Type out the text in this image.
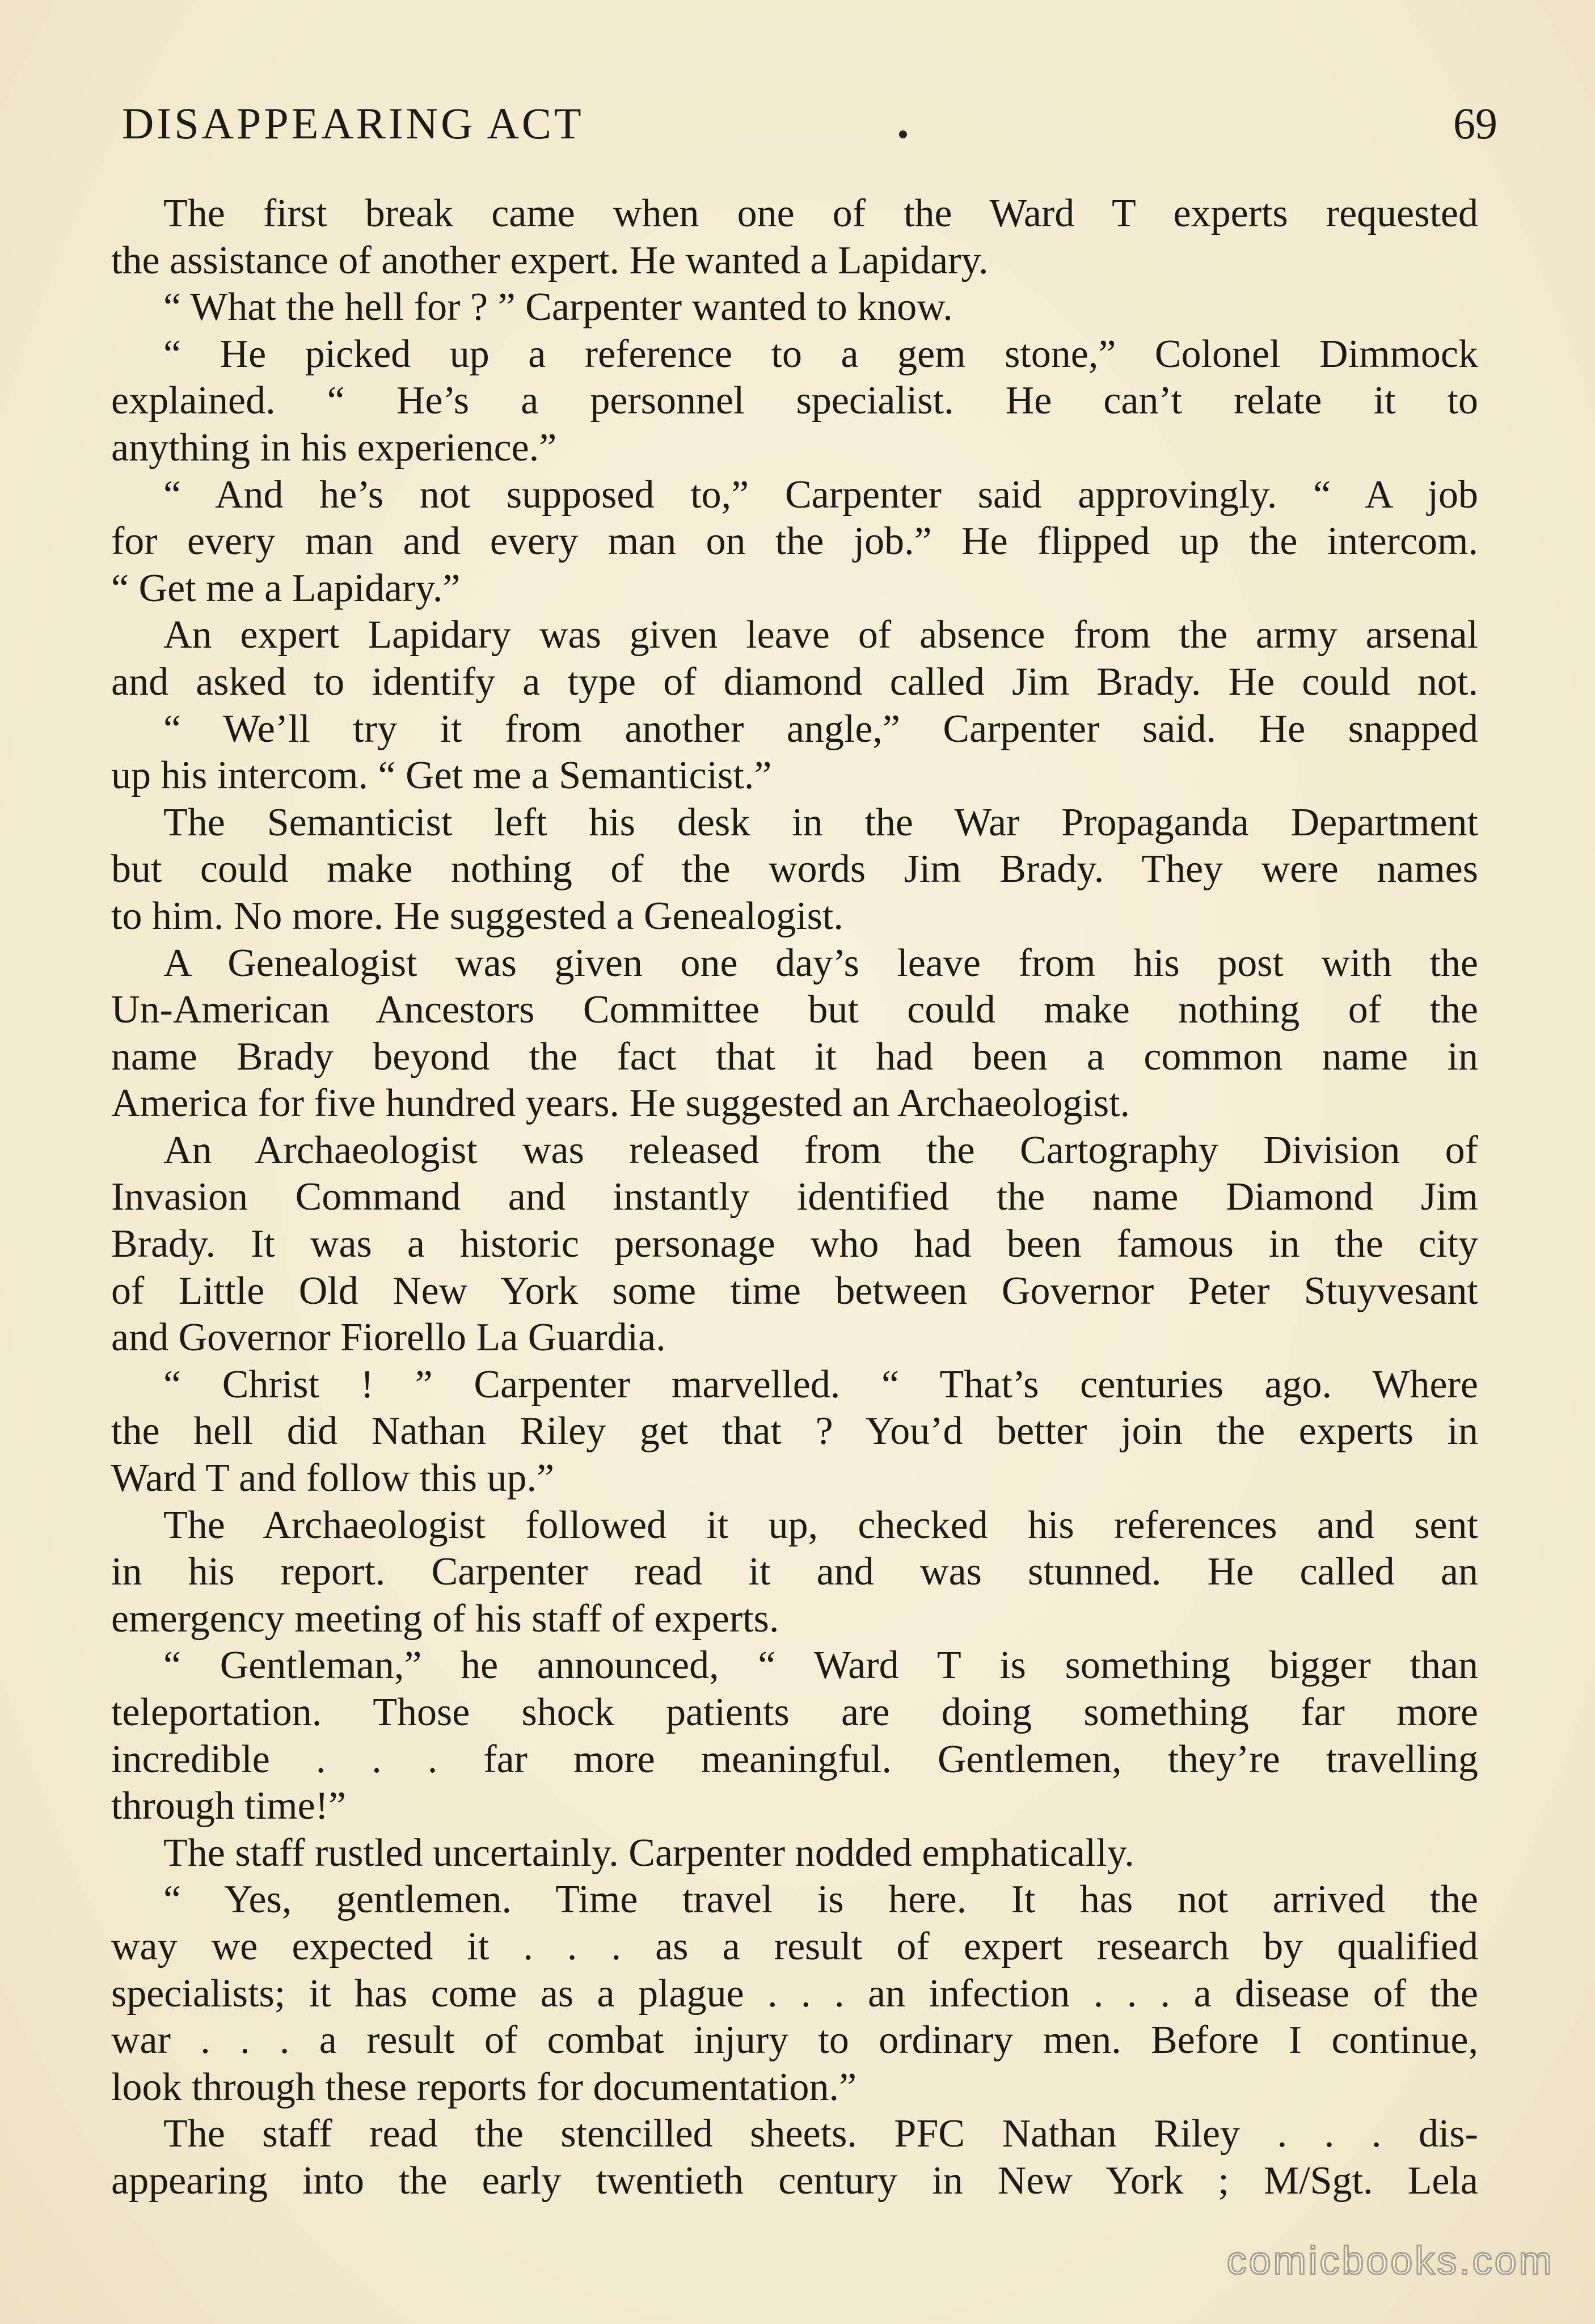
DISAPPEARING ACT	69
The first break came when one of the Ward T experts requested
the assistance of another expert. He wanted a Lapidary.
“ What the hell for ? ” Carpenter wanted to know.
“ He picked up a reference to a gem stone,” Colonel Dimmock
explained. “ He’s a personnel specialist. He can’t relate it to
anything in his experience.”
“ And he’s not supposed to,” Carpenter said approvingly. “ A job
for every man and every man on the job.” He flipped up the intercom.
“ Get me a Lapidary.”
An expert Lapidary was given leave of absence from the army arsenal
and asked to identify a type of diamond called Jim Brady. He could not.
“ We’ll try it from another angle,” Carpenter said. He snapped
up his intercom. “ Get me a Semanticist.”
The Semanticist left his desk in the War Propaganda Department
but could make nothing of the words Jim Brady. They were names
to him. No more. He suggested a Genealogist.
A Genealogist was given one day’s leave from his post with the
Un-American Ancestors Committee but could make nothing of the
name Brady beyond the fact that it had been a common name in
America for five hundred years. He suggested an Archaeologist.
An Archaeologist was released from the Cartography Division of
Invasion Command and instantly identified the name Diamond Jim
Brady. It was a historic personage who had been famous in the city
of Little Old New York some time between Governor Peter Stuyvesant
and Governor Fiorello La Guardia.
“ Christ ! ” Carpenter marvelled. “ That’s centuries ago. Where
the hell did Nathan Riley get that ? You’d better join the experts in
Ward T and follow this up.”
The Archaeologist followed it up, checked his references and sent
in his report. Carpenter read it and was stunned. He called an
emergency meeting of his staff of experts.
“ Gentleman,” he announced, “ Ward T is something bigger than
teleportation. Those shock patients are doing something far more
incredible . . . far more meaningful. Gentlemen, they’re travelling
through time!”
The staff rustled uncertainly. Carpenter nodded emphatically.
“ Yes, gentlemen. Time travel is here. It has not arrived the
way we expected it . . . as a result of expert research by qualified
specialists; it has come as a plague . . . an infection . . . a disease of the
war . . . a result of combat injury to ordinary men. Before I continue,
look through these reports for documentation.”
The staff read the stencilled sheets. PFC Nathan Riley . . . dis-
appearing into the early twentieth century in New York ; M/Sgt. Lela
comicbooks.com
